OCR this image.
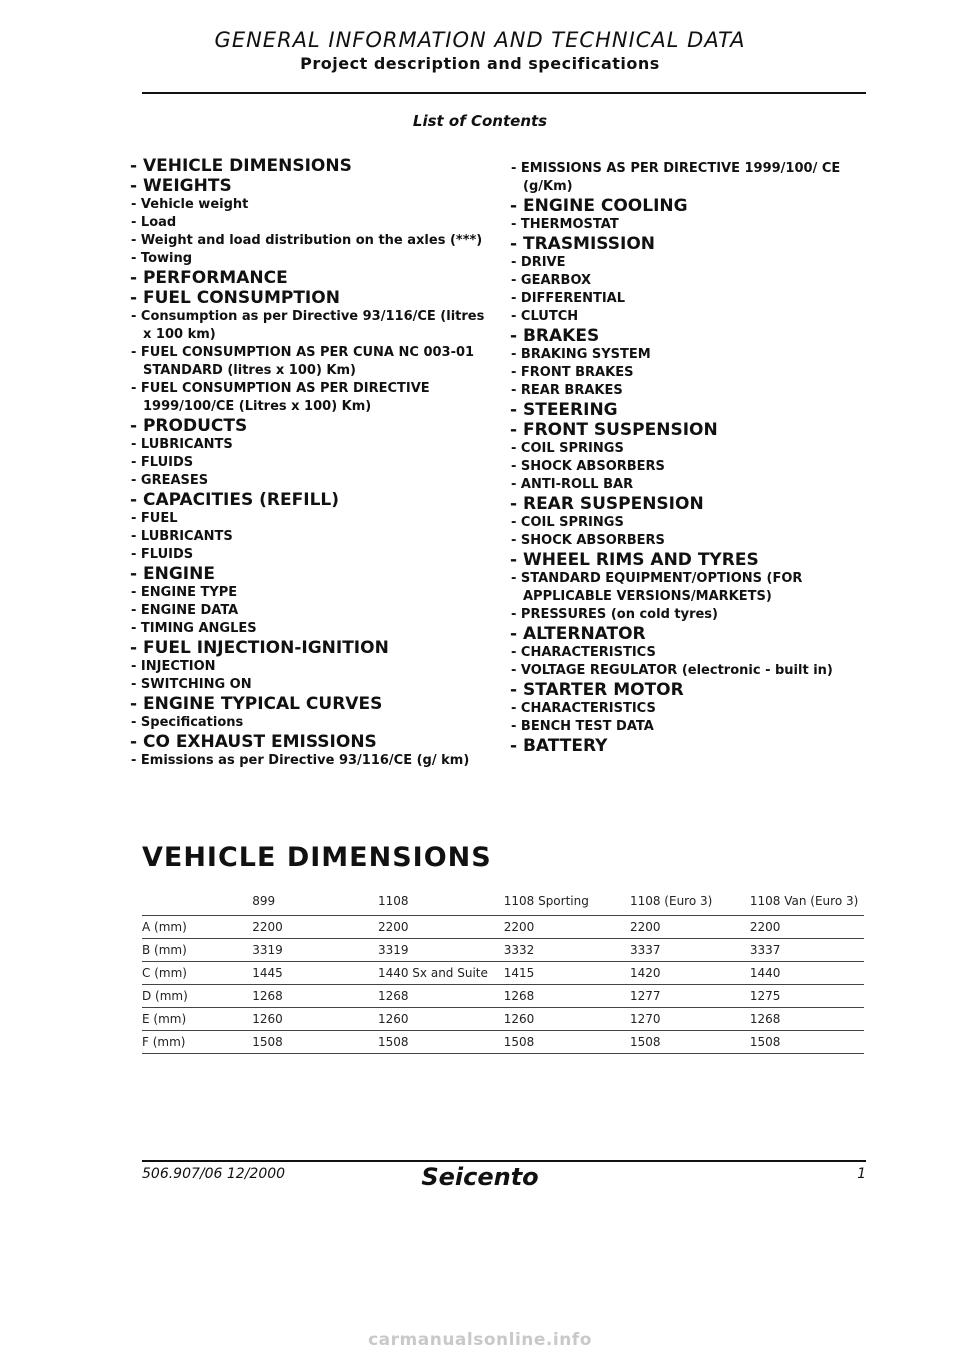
GENERAL INFORMATION AND TECHNICAL DATA
Project description and specifications
List of Contents
- VEHICLE DIMENSIONS
- WEIGHTS
- Vehicle weight
- Load
- Weight and load distribution on the axles (***)
- Towing
- PERFORMANCE
- FUEL CONSUMPTION
- Consumption as per Directive 93/116/CE (litres x 100 km)
- FUEL CONSUMPTION AS PER CUNA NC 003-01 STANDARD (litres x 100) Km)
- FUEL CONSUMPTION AS PER DIRECTIVE 1999/100/CE (Litres x 100) Km)
- PRODUCTS
- LUBRICANTS
- FLUIDS
- GREASES
- CAPACITIES (REFILL)
- FUEL
- LUBRICANTS
- FLUIDS
- ENGINE
- ENGINE TYPE
- ENGINE DATA
- TIMING ANGLES
- FUEL INJECTION-IGNITION
- INJECTION
- SWITCHING ON
- ENGINE TYPICAL CURVES
- Specifications
- CO EXHAUST EMISSIONS
- Emissions as per Directive 93/116/CE (g/ km)
- EMISSIONS AS PER DIRECTIVE 1999/100/ CE (g/Km)
- ENGINE COOLING
- THERMOSTAT
- TRASMISSION
- DRIVE
- GEARBOX
- DIFFERENTIAL
- CLUTCH
- BRAKES
- BRAKING SYSTEM
- FRONT BRAKES
- REAR BRAKES
- STEERING
- FRONT SUSPENSION
- COIL SPRINGS
- SHOCK ABSORBERS
- ANTI-ROLL BAR
- REAR SUSPENSION
- COIL SPRINGS
- SHOCK ABSORBERS
- WHEEL RIMS AND TYRES
- STANDARD EQUIPMENT/OPTIONS (FOR APPLICABLE VERSIONS/MARKETS)
- PRESSURES (on cold tyres)
- ALTERNATOR
- CHARACTERISTICS
- VOLTAGE REGULATOR (electronic - built in)
- STARTER MOTOR
- CHARACTERISTICS
- BENCH TEST DATA
- BATTERY
VEHICLE DIMENSIONS
	899	1108	1108 Sporting	1108 (Euro 3)	1108 Van (Euro 3)
A (mm)	2200	2200	2200	2200	2200
B (mm)	3319	3319	3332	3337	3337
C (mm)	1445	1440 Sx and Suite	1415	1420	1440
D (mm)	1268	1268	1268	1277	1275
E (mm)	1260	1260	1260	1270	1268
F (mm)	1508	1508	1508	1508	1508
506.907/06 12/2000	Seicento	1
carmanualsonline.info
